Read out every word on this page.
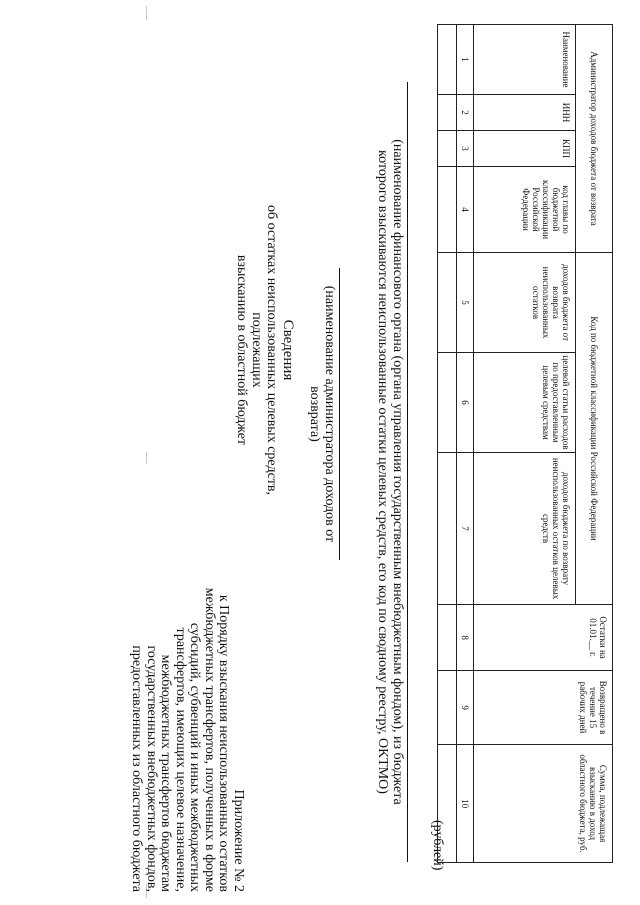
Приложение № 2
к Порядку взыскания неиспользованных остатков
межбюджетных трансфертов, полученных в форме
субсидий, субвенций и иных межбюджетных
трансфертов, имеющих целевое назначение,
межбюджетных трансфертов бюджетам
государственных внебюджетных фондов,
предоставленных из областного бюджета
Сведения
об остатках неиспользованных целевых средств, подлежащих
взысканию в областной бюджет	(наименование администратора доходов от возврата)	(наименование финансового органа (органа управления государственным внебюджетным фондом), из бюджета
которого взыскиваются неиспользованные остатки целевых средств, его код по сводному реестру, OKTMO)
(рублей)
Администратор доходов бюджета от возврата				Код по бюджетной классификации Российской Федерации			Остатки на 01.01.__ г.	Возвращено в течение 15 рабочих дней	Сумма, подлежащая взысканию в доход областного бюджета, руб.
Наименование	ИНН	КПП	код главы по бюджетной классификации Российской Федерации	доходов бюджета от возврата неиспользованных остатков	целевой статьи расходов по предоставленным целевым средствам	доходов бюджета по возврату неиспользованных остатков целевых средств			
1	2	3	4	5	6	7	8	9	10
